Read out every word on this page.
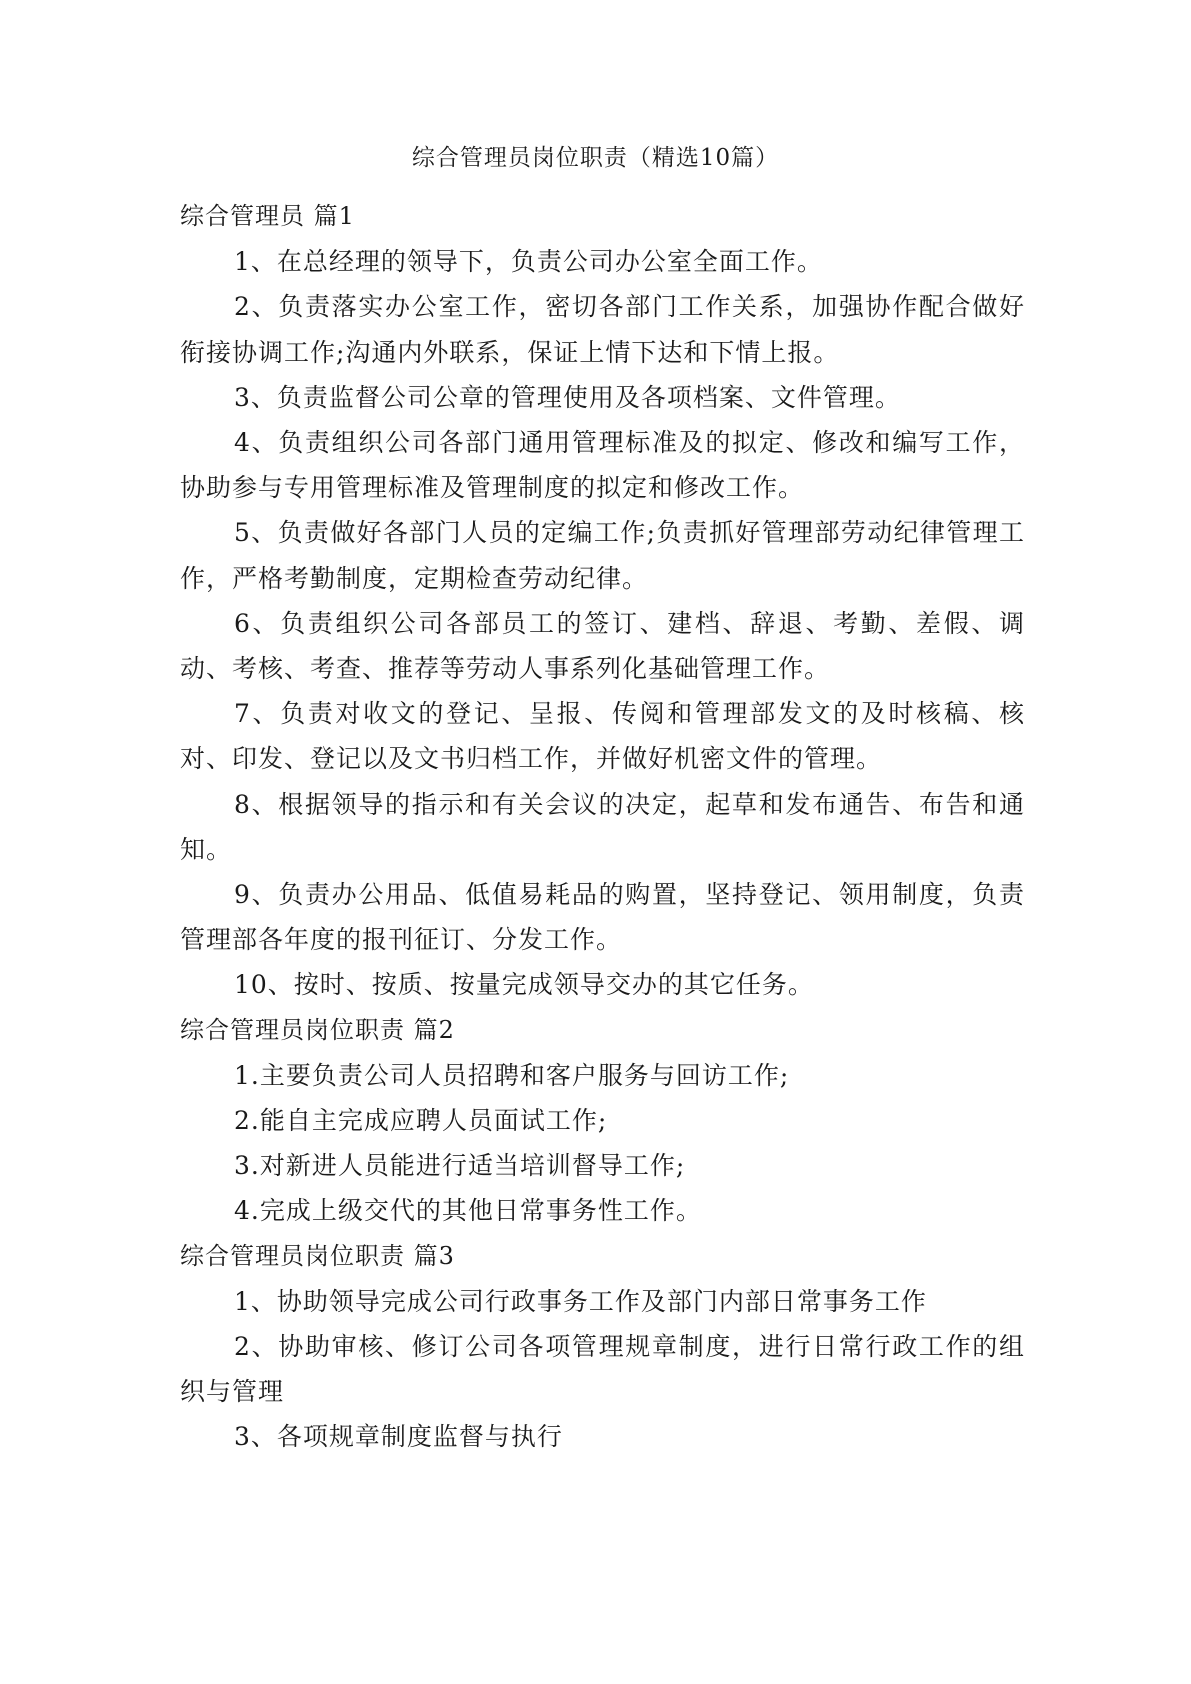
综合管理员岗位职责（精选10篇）
综合管理员 篇1

1、在总经理的领导下，负责公司办公室全面工作。

2、负责落实办公室工作，密切各部门工作关系，加强协作配合做好衔接协调工作;沟通内外联系，保证上情下达和下情上报。

3、负责监督公司公章的管理使用及各项档案、文件管理。

4、负责组织公司各部门通用管理标准及的拟定、修改和编写工作，协助参与专用管理标准及管理制度的拟定和修改工作。

5、负责做好各部门人员的定编工作;负责抓好管理部劳动纪律管理工作，严格考勤制度，定期检查劳动纪律。

6、负责组织公司各部员工的签订、建档、辞退、考勤、差假、调动、考核、考查、推荐等劳动人事系列化基础管理工作。

7、负责对收文的登记、呈报、传阅和管理部发文的及时核稿、核对、印发、登记以及文书归档工作，并做好机密文件的管理。

8、根据领导的指示和有关会议的决定，起草和发布通告、布告和通知。

9、负责办公用品、低值易耗品的购置，坚持登记、领用制度，负责管理部各年度的报刊征订、分发工作。

10、按时、按质、按量完成领导交办的其它任务。

综合管理员岗位职责 篇2

1.主要负责公司人员招聘和客户服务与回访工作;

2.能自主完成应聘人员面试工作;

3.对新进人员能进行适当培训督导工作;

4.完成上级交代的其他日常事务性工作。

综合管理员岗位职责 篇3

1、协助领导完成公司行政事务工作及部门内部日常事务工作

2、协助审核、修订公司各项管理规章制度，进行日常行政工作的组织与管理

3、各项规章制度监督与执行
